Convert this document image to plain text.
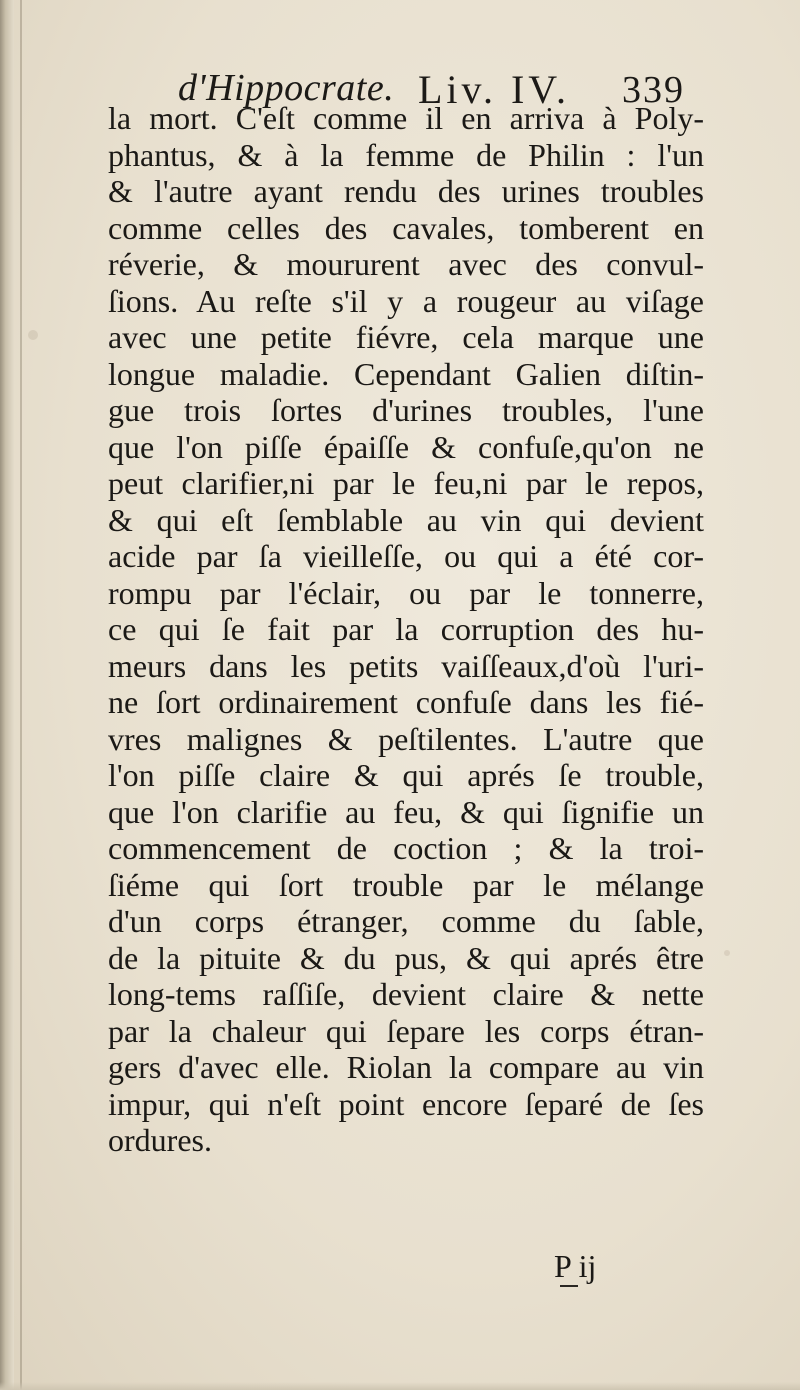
d'Hippocrate. Liv. IV. 339
la mort. C'eſt comme il en arriva à Poly-
phantus, & à la femme de Philin : l'un
& l'autre ayant rendu des urines troubles
comme celles des cavales, tomberent en
réverie, & moururent avec des convul-
ſions. Au reſte s'il y a rougeur au viſage
avec une petite fiévre, cela marque une
longue maladie. Cependant Galien diſtin-
gue trois ſortes d'urines troubles, l'une
que l'on piſſe épaiſſe & confuſe,qu'on ne
peut clarifier,ni par le feu,ni par le repos,
& qui eſt ſemblable au vin qui devient
acide par ſa vieilleſſe, ou qui a été cor-
rompu par l'éclair, ou par le tonnerre,
ce qui ſe fait par la corruption des hu-
meurs dans les petits vaiſſeaux,d'où l'uri-
ne ſort ordinairement confuſe dans les fié-
vres malignes & peſtilentes. L'autre que
l'on piſſe claire & qui aprés ſe trouble,
que l'on clarifie au feu, & qui ſignifie un
commencement de coction ; & la troi-
ſiéme qui ſort trouble par le mélange
d'un corps étranger, comme du ſable,
de la pituite & du pus, & qui aprés être
long-tems raſſiſe, devient claire & nette
par la chaleur qui ſepare les corps étran-
gers d'avec elle. Riolan la compare au vin
impur, qui n'eſt point encore ſeparé de ſes
ordures.
P ij
